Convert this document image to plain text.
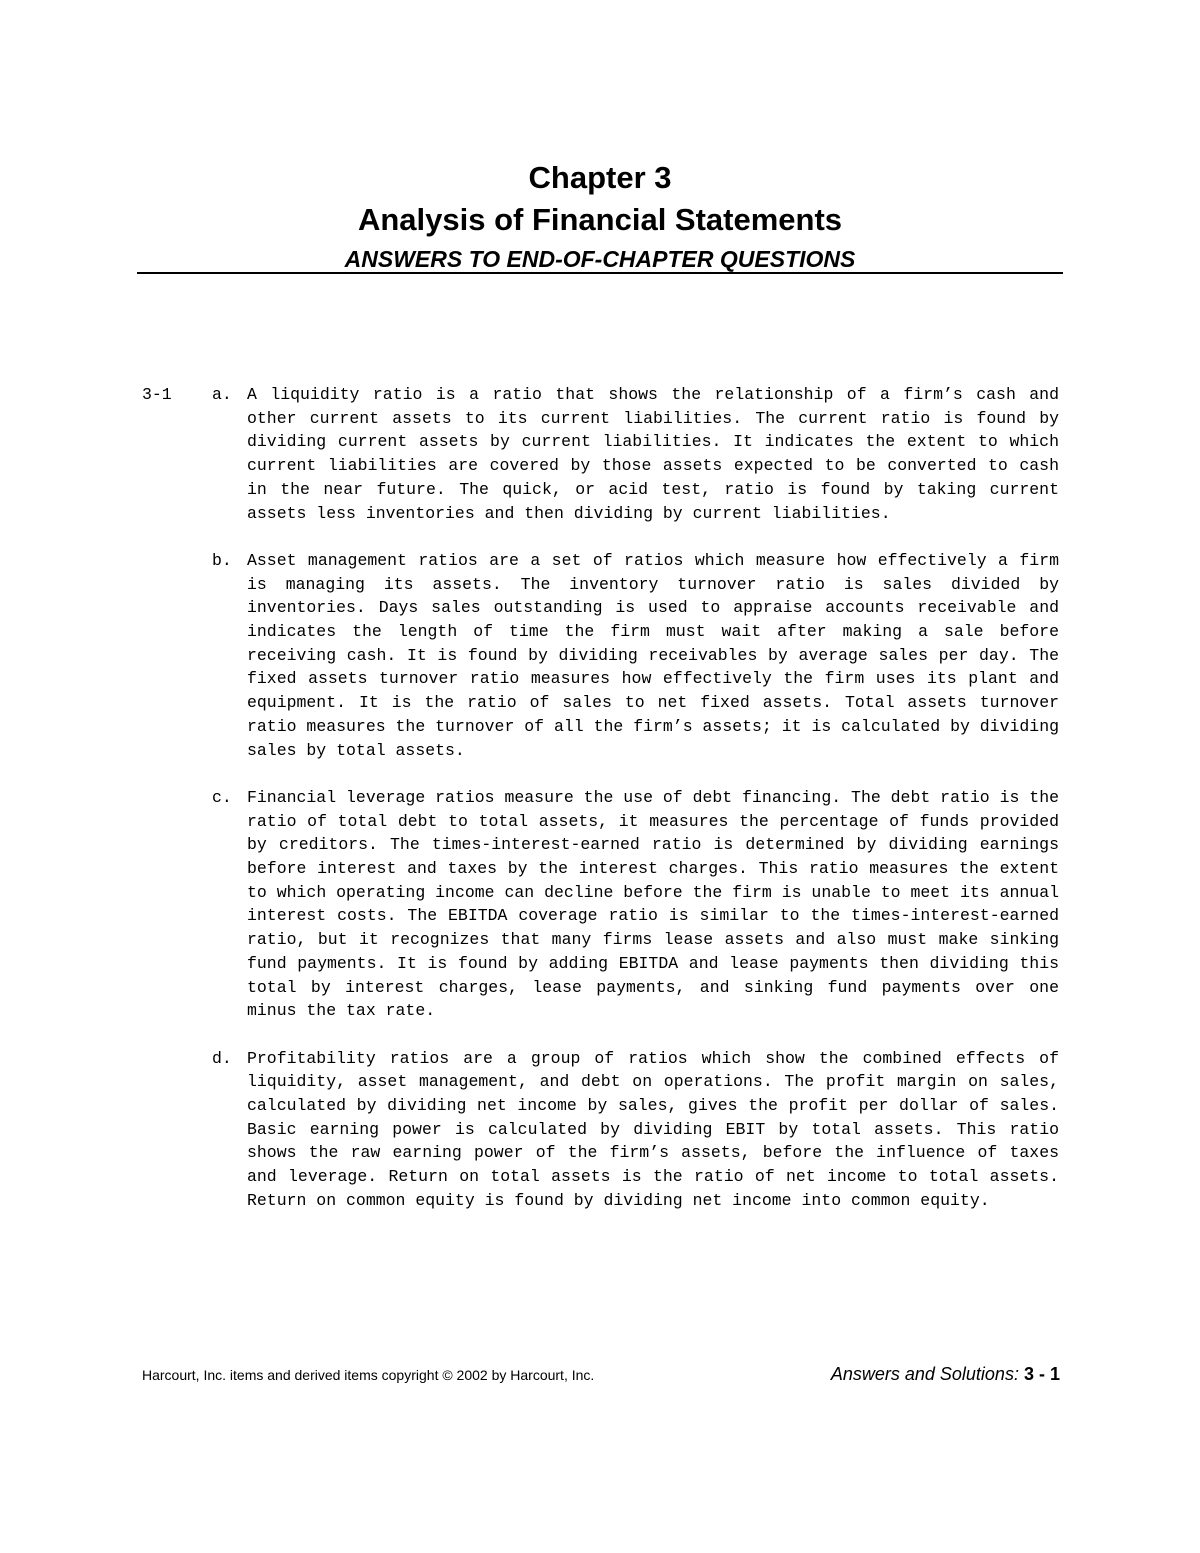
Chapter 3
Analysis of Financial Statements
ANSWERS TO END-OF-CHAPTER QUESTIONS
3-1 a. A liquidity ratio is a ratio that shows the relationship of a firm’s cash and other current assets to its current liabilities. The current ratio is found by dividing current assets by current liabilities. It indicates the extent to which current liabilities are covered by those assets expected to be converted to cash in the near future. The quick, or acid test, ratio is found by taking current assets less inventories and then dividing by current liabilities.
b. Asset management ratios are a set of ratios which measure how effectively a firm is managing its assets. The inventory turnover ratio is sales divided by inventories. Days sales outstanding is used to appraise accounts receivable and indicates the length of time the firm must wait after making a sale before receiving cash. It is found by dividing receivables by average sales per day. The fixed assets turnover ratio measures how effectively the firm uses its plant and equipment. It is the ratio of sales to net fixed assets. Total assets turnover ratio measures the turnover of all the firm’s assets; it is calculated by dividing sales by total assets.
c. Financial leverage ratios measure the use of debt financing. The debt ratio is the ratio of total debt to total assets, it measures the percentage of funds provided by creditors. The times-interest-earned ratio is determined by dividing earnings before interest and taxes by the interest charges. This ratio measures the extent to which operating income can decline before the firm is unable to meet its annual interest costs. The EBITDA coverage ratio is similar to the times-interest-earned ratio, but it recognizes that many firms lease assets and also must make sinking fund payments. It is found by adding EBITDA and lease payments then dividing this total by interest charges, lease payments, and sinking fund payments over one minus the tax rate.
d. Profitability ratios are a group of ratios which show the combined effects of liquidity, asset management, and debt on operations. The profit margin on sales, calculated by dividing net income by sales, gives the profit per dollar of sales. Basic earning power is calculated by dividing EBIT by total assets. This ratio shows the raw earning power of the firm’s assets, before the influence of taxes and leverage. Return on total assets is the ratio of net income to total assets. Return on common equity is found by dividing net income into common equity.
Harcourt, Inc. items and derived items copyright © 2002 by Harcourt, Inc.	Answers and Solutions: 3 - 1
